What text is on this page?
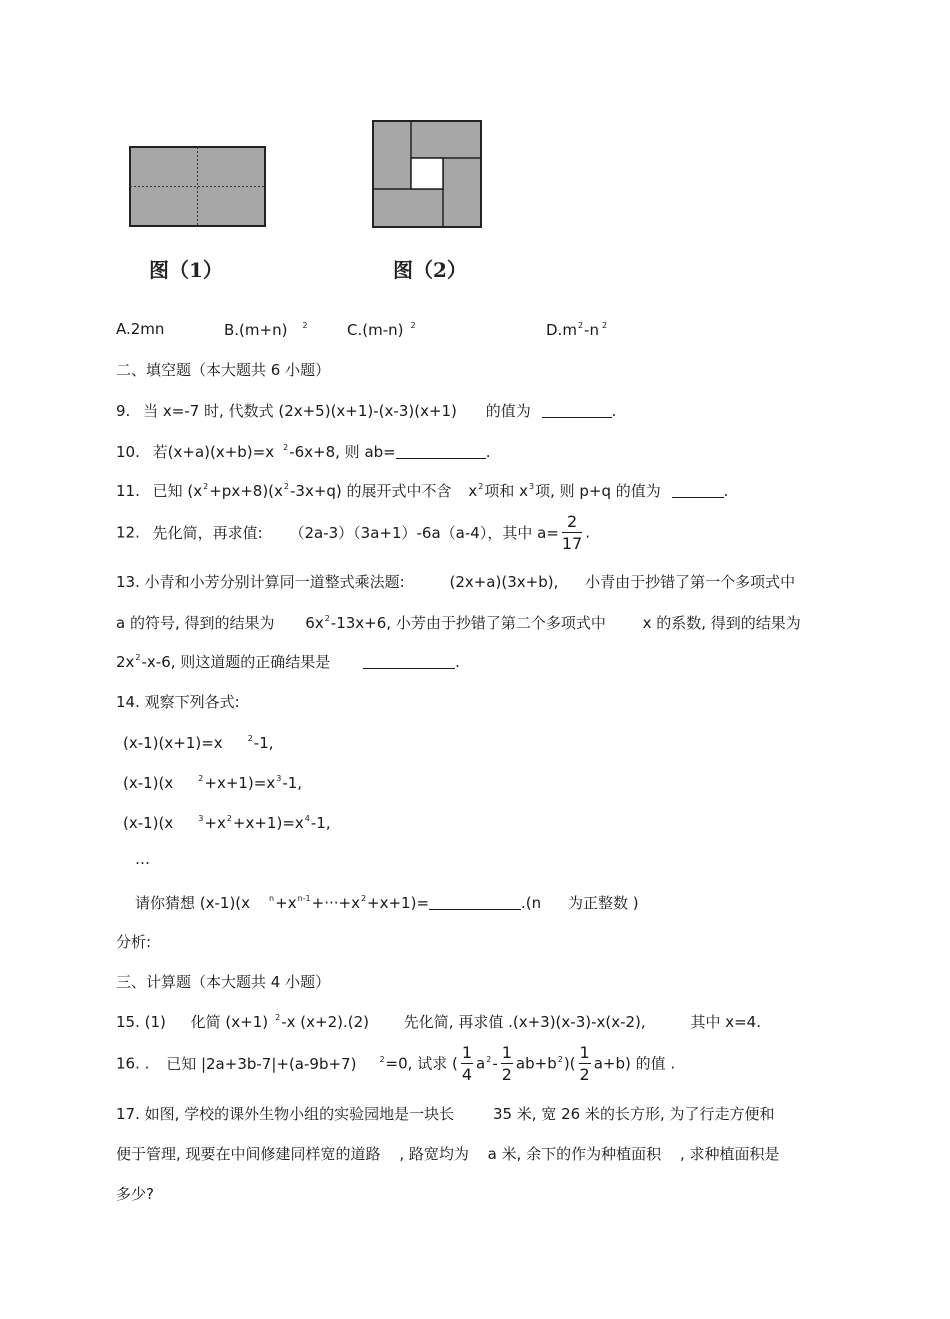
图（1）	图（2）
A.2mn	B.(m+n) $^2$	C.(m-n) $^2$	$D.m^2-n$ $^2$
二、填空题（本大题共 6 小题）
9. 当 x=-7 时, 代数式 (2x+5)(x+1)-(x-3)(x+1) 的值为	.
10. 若(x+a)(x+b)=x $^2$-6x+8, 则 ab=	.
11. 已知 $(x^2+px+8)(x^2-3x+q)$ 的展开式中不含 $x^2$项和 $x^3$项, 则 p+q 的值为	.
12. 先化简，再求值: （2a-3）（3a+1）-6a（a-4），其中 $a= \frac{2}{17}$ .
13. 小青和小芳分别计算同一道整式乘法题:	(2x+a)(3x+b), 小青由于抄错了第一个多项式中
a 的符号, 得到的结果为 $6x^2-13x+6$, 小芳由于抄错了第二个多项式中 x 的系数, 得到的结果为
$2x^2-x-6$, 则这道题的正确结果是	.
14. 观察下列各式:
(x-1)(x+1)=x	$^2$-1,
(x-1)(x	$^2+x+1)=x^3-1$,
(x-1)(x	$^3+x^2+x+1)=x^4-1$,
…
请你猜想 (x-1)(x $^n+x^{n-1}+\cdot\cdot\cdot+x^2+x+1)=$	.(n 为正整数 )
分析:
三、计算题（本大题共 4 小题）
15. (1) 化简 (x+1) $^2$-x (x+2).(2) 先化简, 再求值 .(x+3)(x-3)-x(x-2),	其中 x=4.
16. . 已知 |2a+3b-7|+(a-9b+7)	$^2$=0, 试求 ( $\frac{1}{4} a^2- \frac{1}{2} ab+b^2)( \frac{1}{2} a+b)$ 的值 .
17. 如图, 学校的课外生物小组的实验园地是一块长	35 米, 宽 26 米的长方形, 为了行走方便和
便于管理, 现要在中间修建同样宽的道路 , 路宽均为 a 米, 余下的作为种植面积 , 求种植面积是
多少?
